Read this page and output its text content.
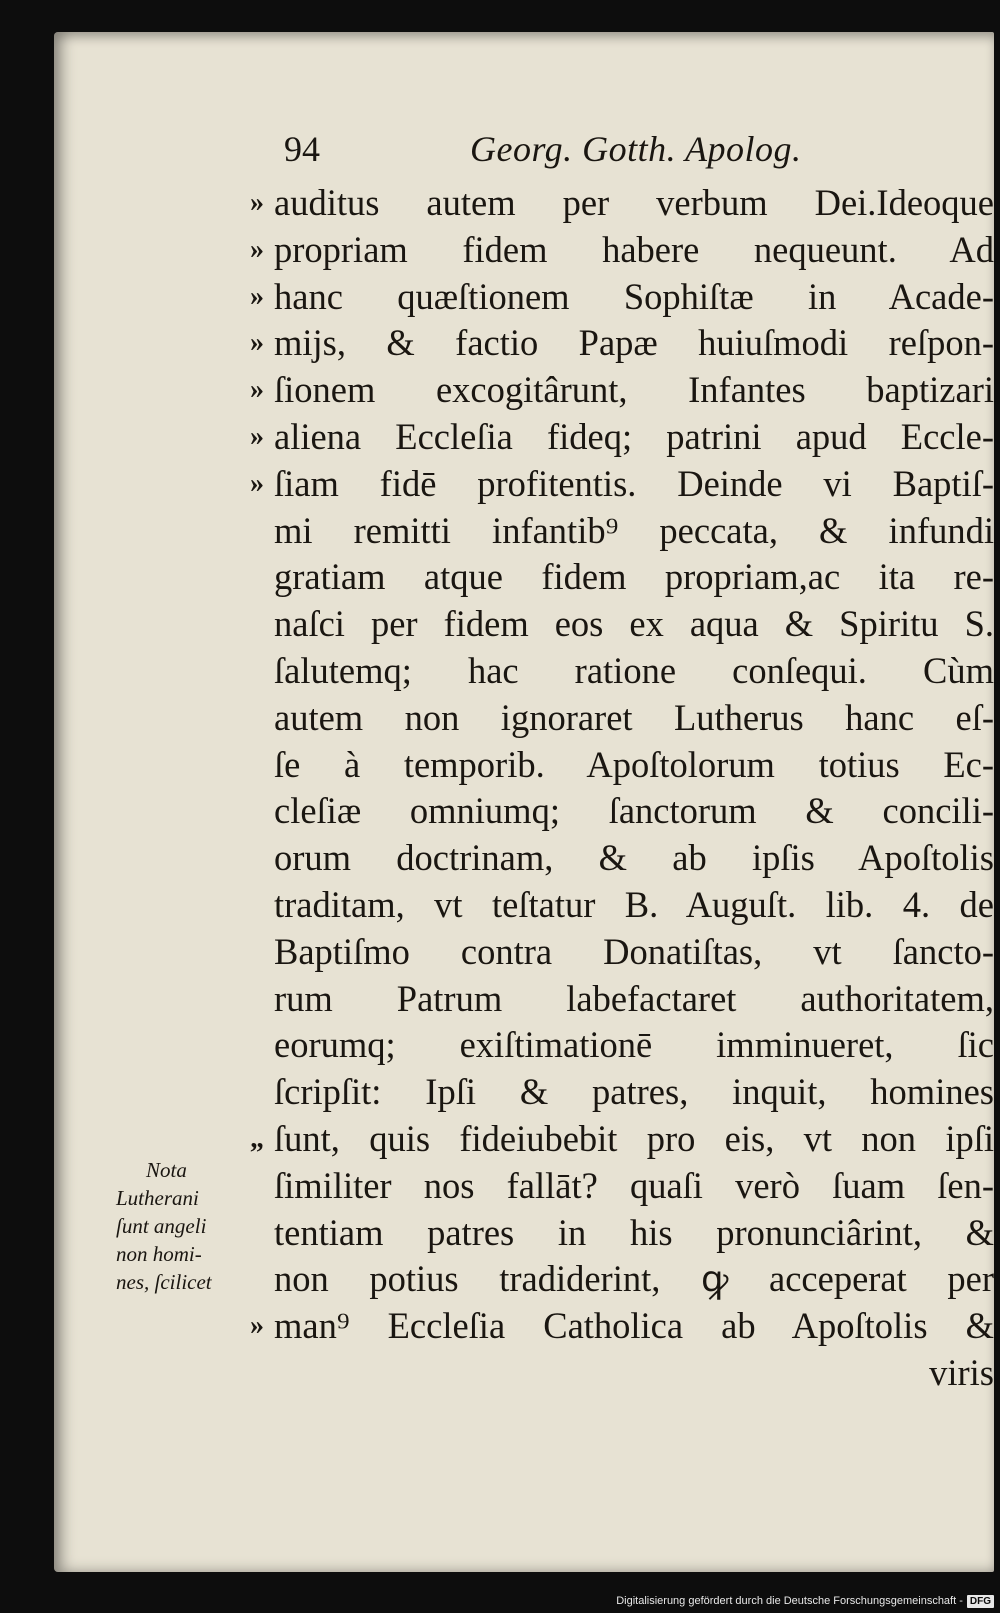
94	Georg. Gotth. Apolog.
» auditus autem per verbum Dei.Ideoque
» propriam fidem habere nequeunt. Ad
» hanc quæſtionem Sophiſtæ in Acade-
» mijs, & factio Papæ huiuſmodi reſpon-
» ſionem excogitârunt, Infantes baptizari
» aliena Eccleſia fideq; patrini apud Eccle-
» ſiam fidē profitentis. Deinde vi Baptiſ-
mi remitti infantib⁹ peccata, & infundi
gratiam atque fidem propriam,ac ita re-
naſci per fidem eos ex aqua & Spiritu S.
ſalutemq; hac ratione conſequi. Cùm
autem non ignoraret Lutherus hanc eſ-
ſe à temporib. Apoſtolorum totius Ec-
cleſiæ omniumq; ſanctorum & concili-
orum doctrinam, & ab ipſis Apoſtolis
traditam, vt teſtatur B. Auguſt. lib. 4. de
Baptiſmo contra Donatiſtas, vt ſancto-
rum Patrum labefactaret authoritatem,
eorumq; exiſtimationē imminueret, ſic
ſcripſit: Ipſi & patres, inquit, homines
„ ſunt, quis fideiubebit pro eis, vt non ipſi
ſimiliter nos fallāt? quaſi verò ſuam ſen-
tentiam patres in his pronunciârint, &
non potius tradiderint, ꝙ acceperat per
» man⁹ Eccleſia Catholica ab Apoſtolis &
viris
Nota
Lutherani
ſunt angeli
non homi-
nes, ſcilicet
Digitalisierung gefördert durch die Deutsche Forschungsgemeinschaft - DFG
